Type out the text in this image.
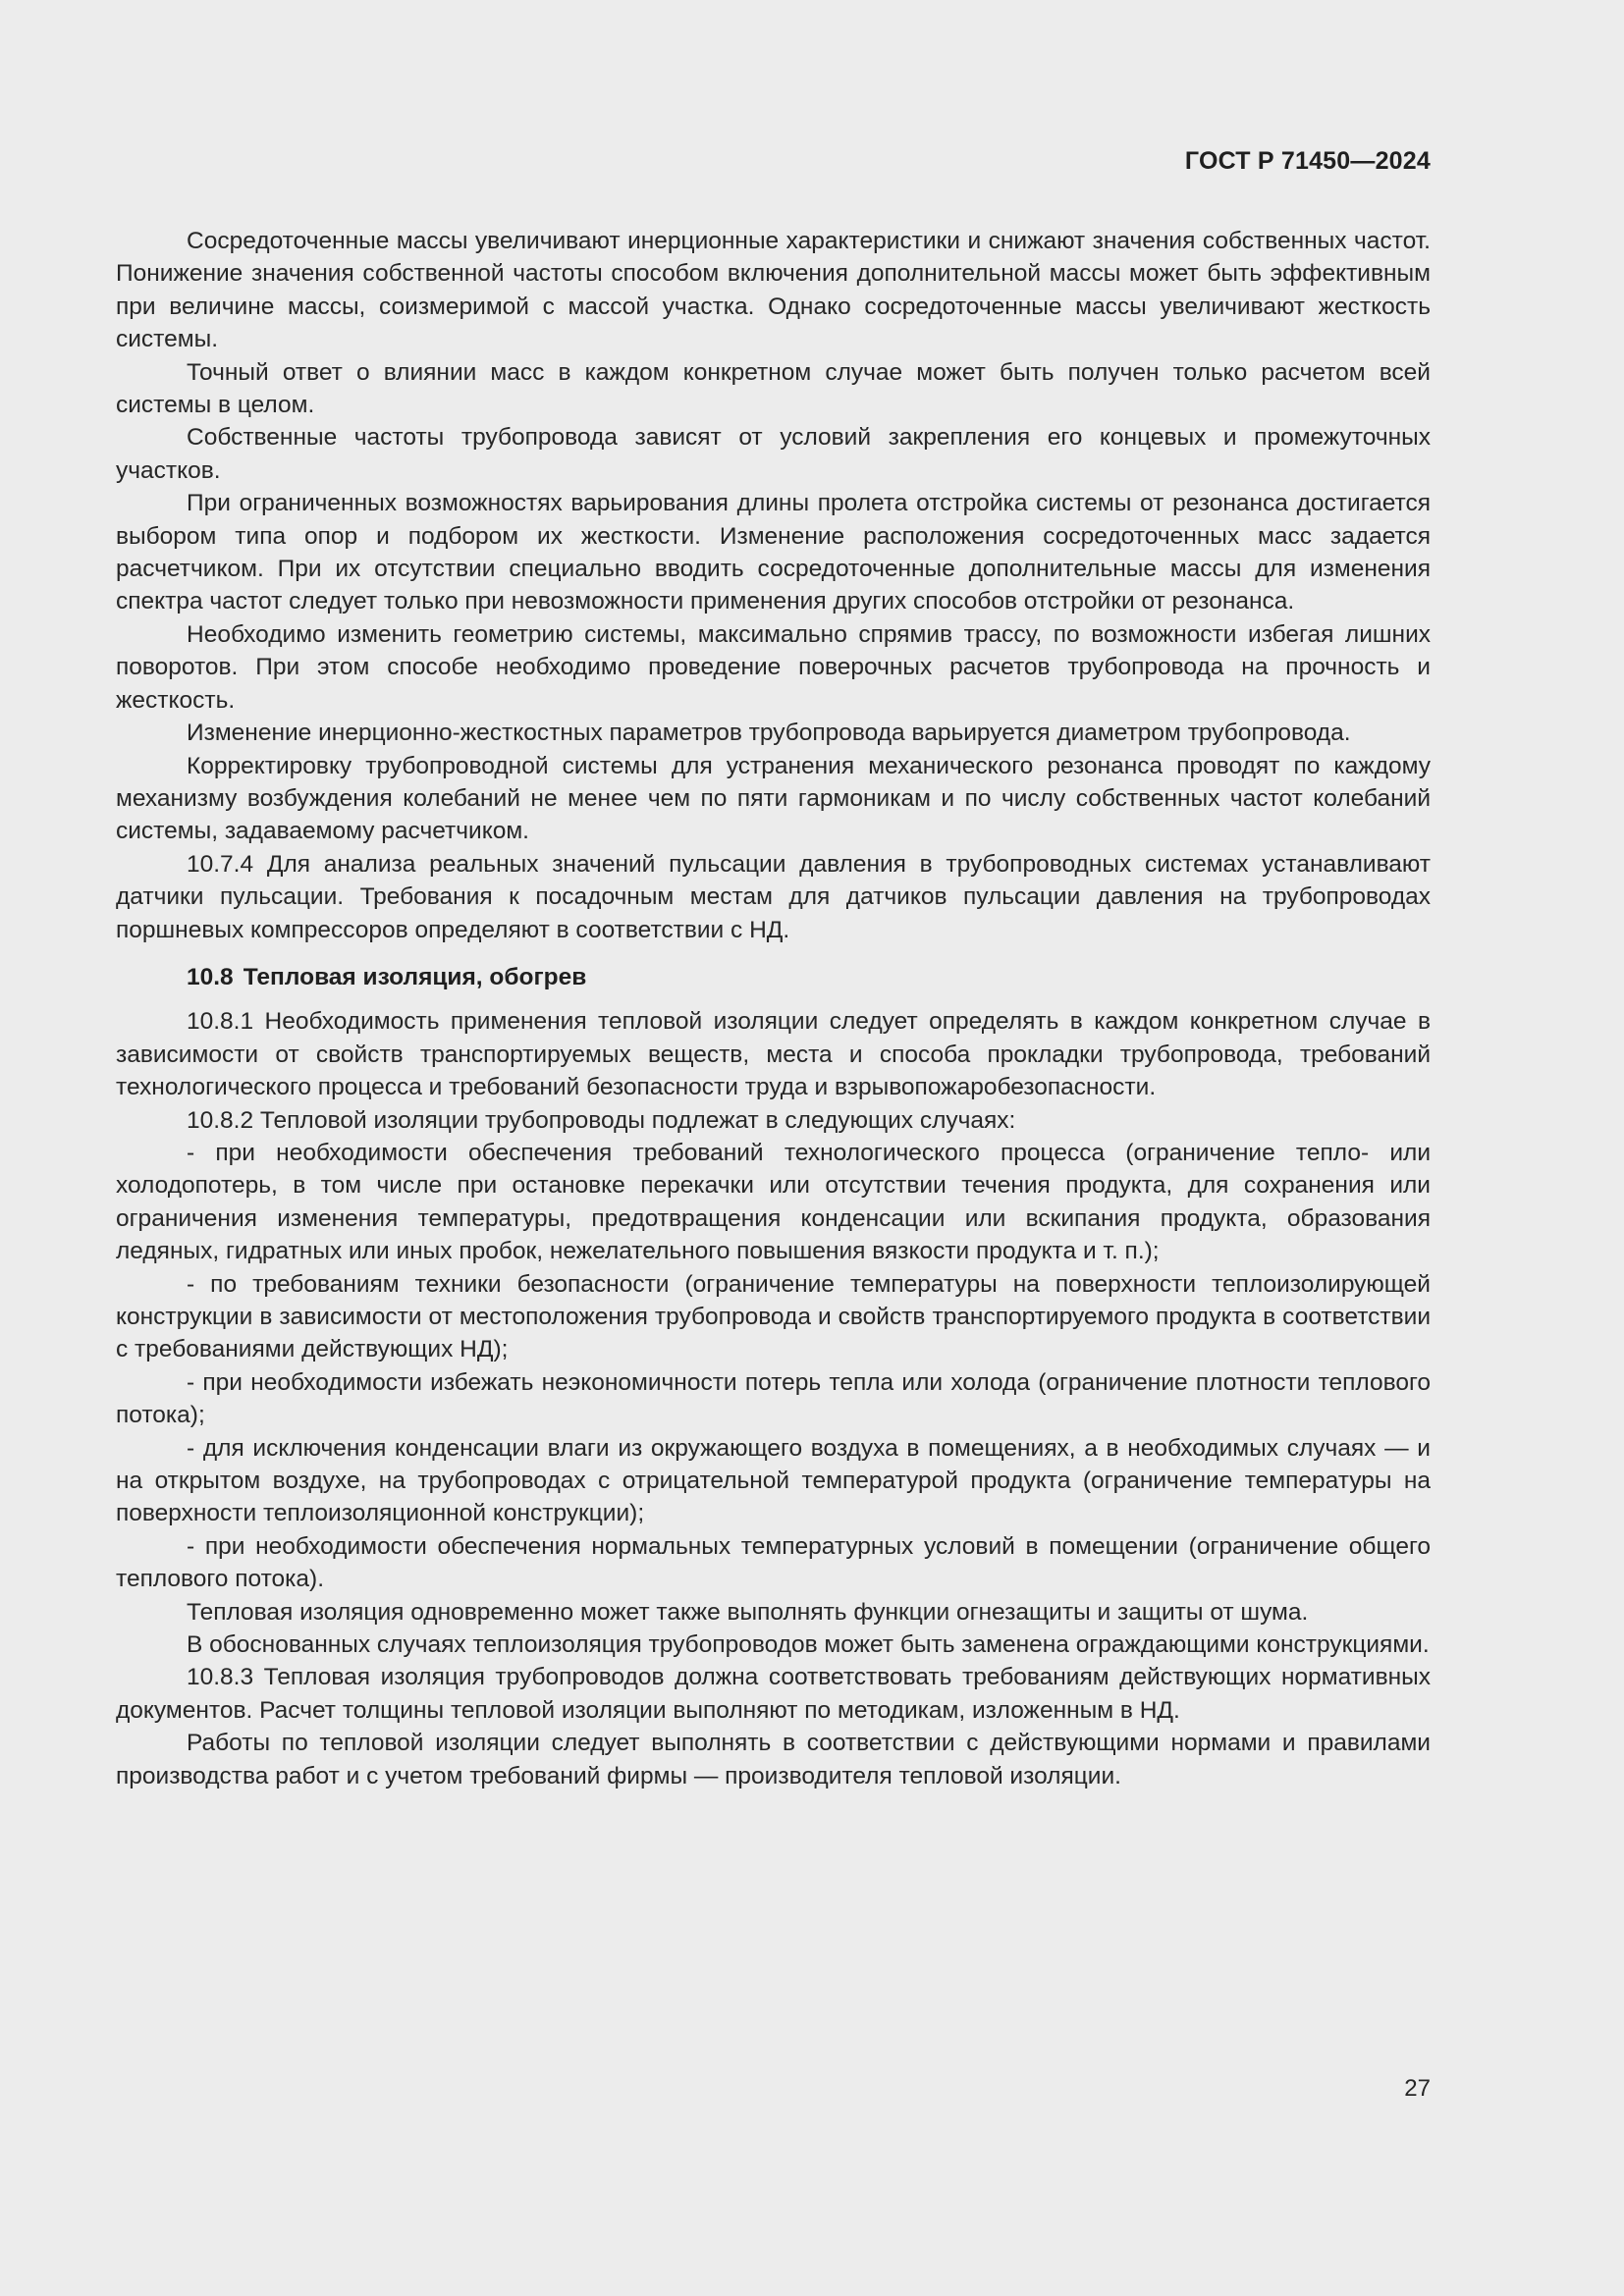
ГОСТ Р 71450—2024

Сосредоточенные массы увеличивают инерционные характеристики и снижают значения собственных частот. Понижение значения собственной частоты способом включения дополнительной массы может быть эффективным при величине массы, соизмеримой с массой участка. Однако сосредоточенные массы увеличивают жесткость системы.

Точный ответ о влиянии масс в каждом конкретном случае может быть получен только расчетом всей системы в целом.

Собственные частоты трубопровода зависят от условий закрепления его концевых и промежуточных участков.

При ограниченных возможностях варьирования длины пролета отстройка системы от резонанса достигается выбором типа опор и подбором их жесткости. Изменение расположения сосредоточенных масс задается расчетчиком. При их отсутствии специально вводить сосредоточенные дополнительные массы для изменения спектра частот следует только при невозможности применения других способов отстройки от резонанса.

Необходимо изменить геометрию системы, максимально спрямив трассу, по возможности избегая лишних поворотов. При этом способе необходимо проведение поверочных расчетов трубопровода на прочность и жесткость.

Изменение инерционно-жесткостных параметров трубопровода варьируется диаметром трубопровода.

Корректировку трубопроводной системы для устранения механического резонанса проводят по каждому механизму возбуждения колебаний не менее чем по пяти гармоникам и по числу собственных частот колебаний системы, задаваемому расчетчиком.

10.7.4 Для анализа реальных значений пульсации давления в трубопроводных системах устанавливают датчики пульсации. Требования к посадочным местам для датчиков пульсации давления на трубопроводах поршневых компрессоров определяют в соответствии с НД.

10.8 Тепловая изоляция, обогрев

10.8.1 Необходимость применения тепловой изоляции следует определять в каждом конкретном случае в зависимости от свойств транспортируемых веществ, места и способа прокладки трубопровода, требований технологического процесса и требований безопасности труда и взрывопожаробезопасности.

10.8.2 Тепловой изоляции трубопроводы подлежат в следующих случаях:

- при необходимости обеспечения требований технологического процесса (ограничение тепло- или холодопотерь, в том числе при остановке перекачки или отсутствии течения продукта, для сохранения или ограничения изменения температуры, предотвращения конденсации или вскипания продукта, образования ледяных, гидратных или иных пробок, нежелательного повышения вязкости продукта и т. п.);

- по требованиям техники безопасности (ограничение температуры на поверхности теплоизолирующей конструкции в зависимости от местоположения трубопровода и свойств транспортируемого продукта в соответствии с требованиями действующих НД);

- при необходимости избежать неэкономичности потерь тепла или холода (ограничение плотности теплового потока);

- для исключения конденсации влаги из окружающего воздуха в помещениях, а в необходимых случаях — и на открытом воздухе, на трубопроводах с отрицательной температурой продукта (ограничение температуры на поверхности теплоизоляционной конструкции);

- при необходимости обеспечения нормальных температурных условий в помещении (ограничение общего теплового потока).

Тепловая изоляция одновременно может также выполнять функции огнезащиты и защиты от шума.

В обоснованных случаях теплоизоляция трубопроводов может быть заменена ограждающими конструкциями.

10.8.3 Тепловая изоляция трубопроводов должна соответствовать требованиям действующих нормативных документов. Расчет толщины тепловой изоляции выполняют по методикам, изложенным в НД.

Работы по тепловой изоляции следует выполнять в соответствии с действующими нормами и правилами производства работ и с учетом требований фирмы — производителя тепловой изоляции.

27
